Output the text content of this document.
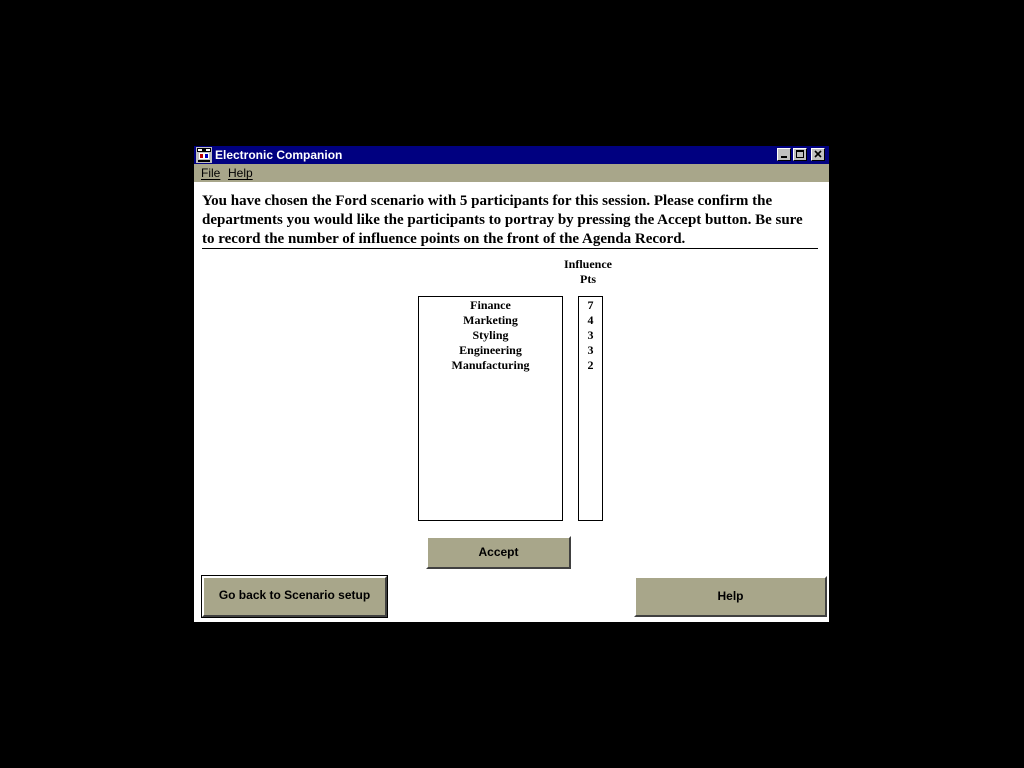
Electronic Companion
File Help
You have chosen the Ford scenario with 5 participants for this session. Please confirm the departments you would like the participants to portray by pressing the Accept button. Be sure to record the number of influence points on the front of the Agenda Record.
Influence
Pts
Finance
Marketing
Styling
Engineering
Manufacturing
7
4
3
3
2
Accept
Go back to Scenario setup	Help
